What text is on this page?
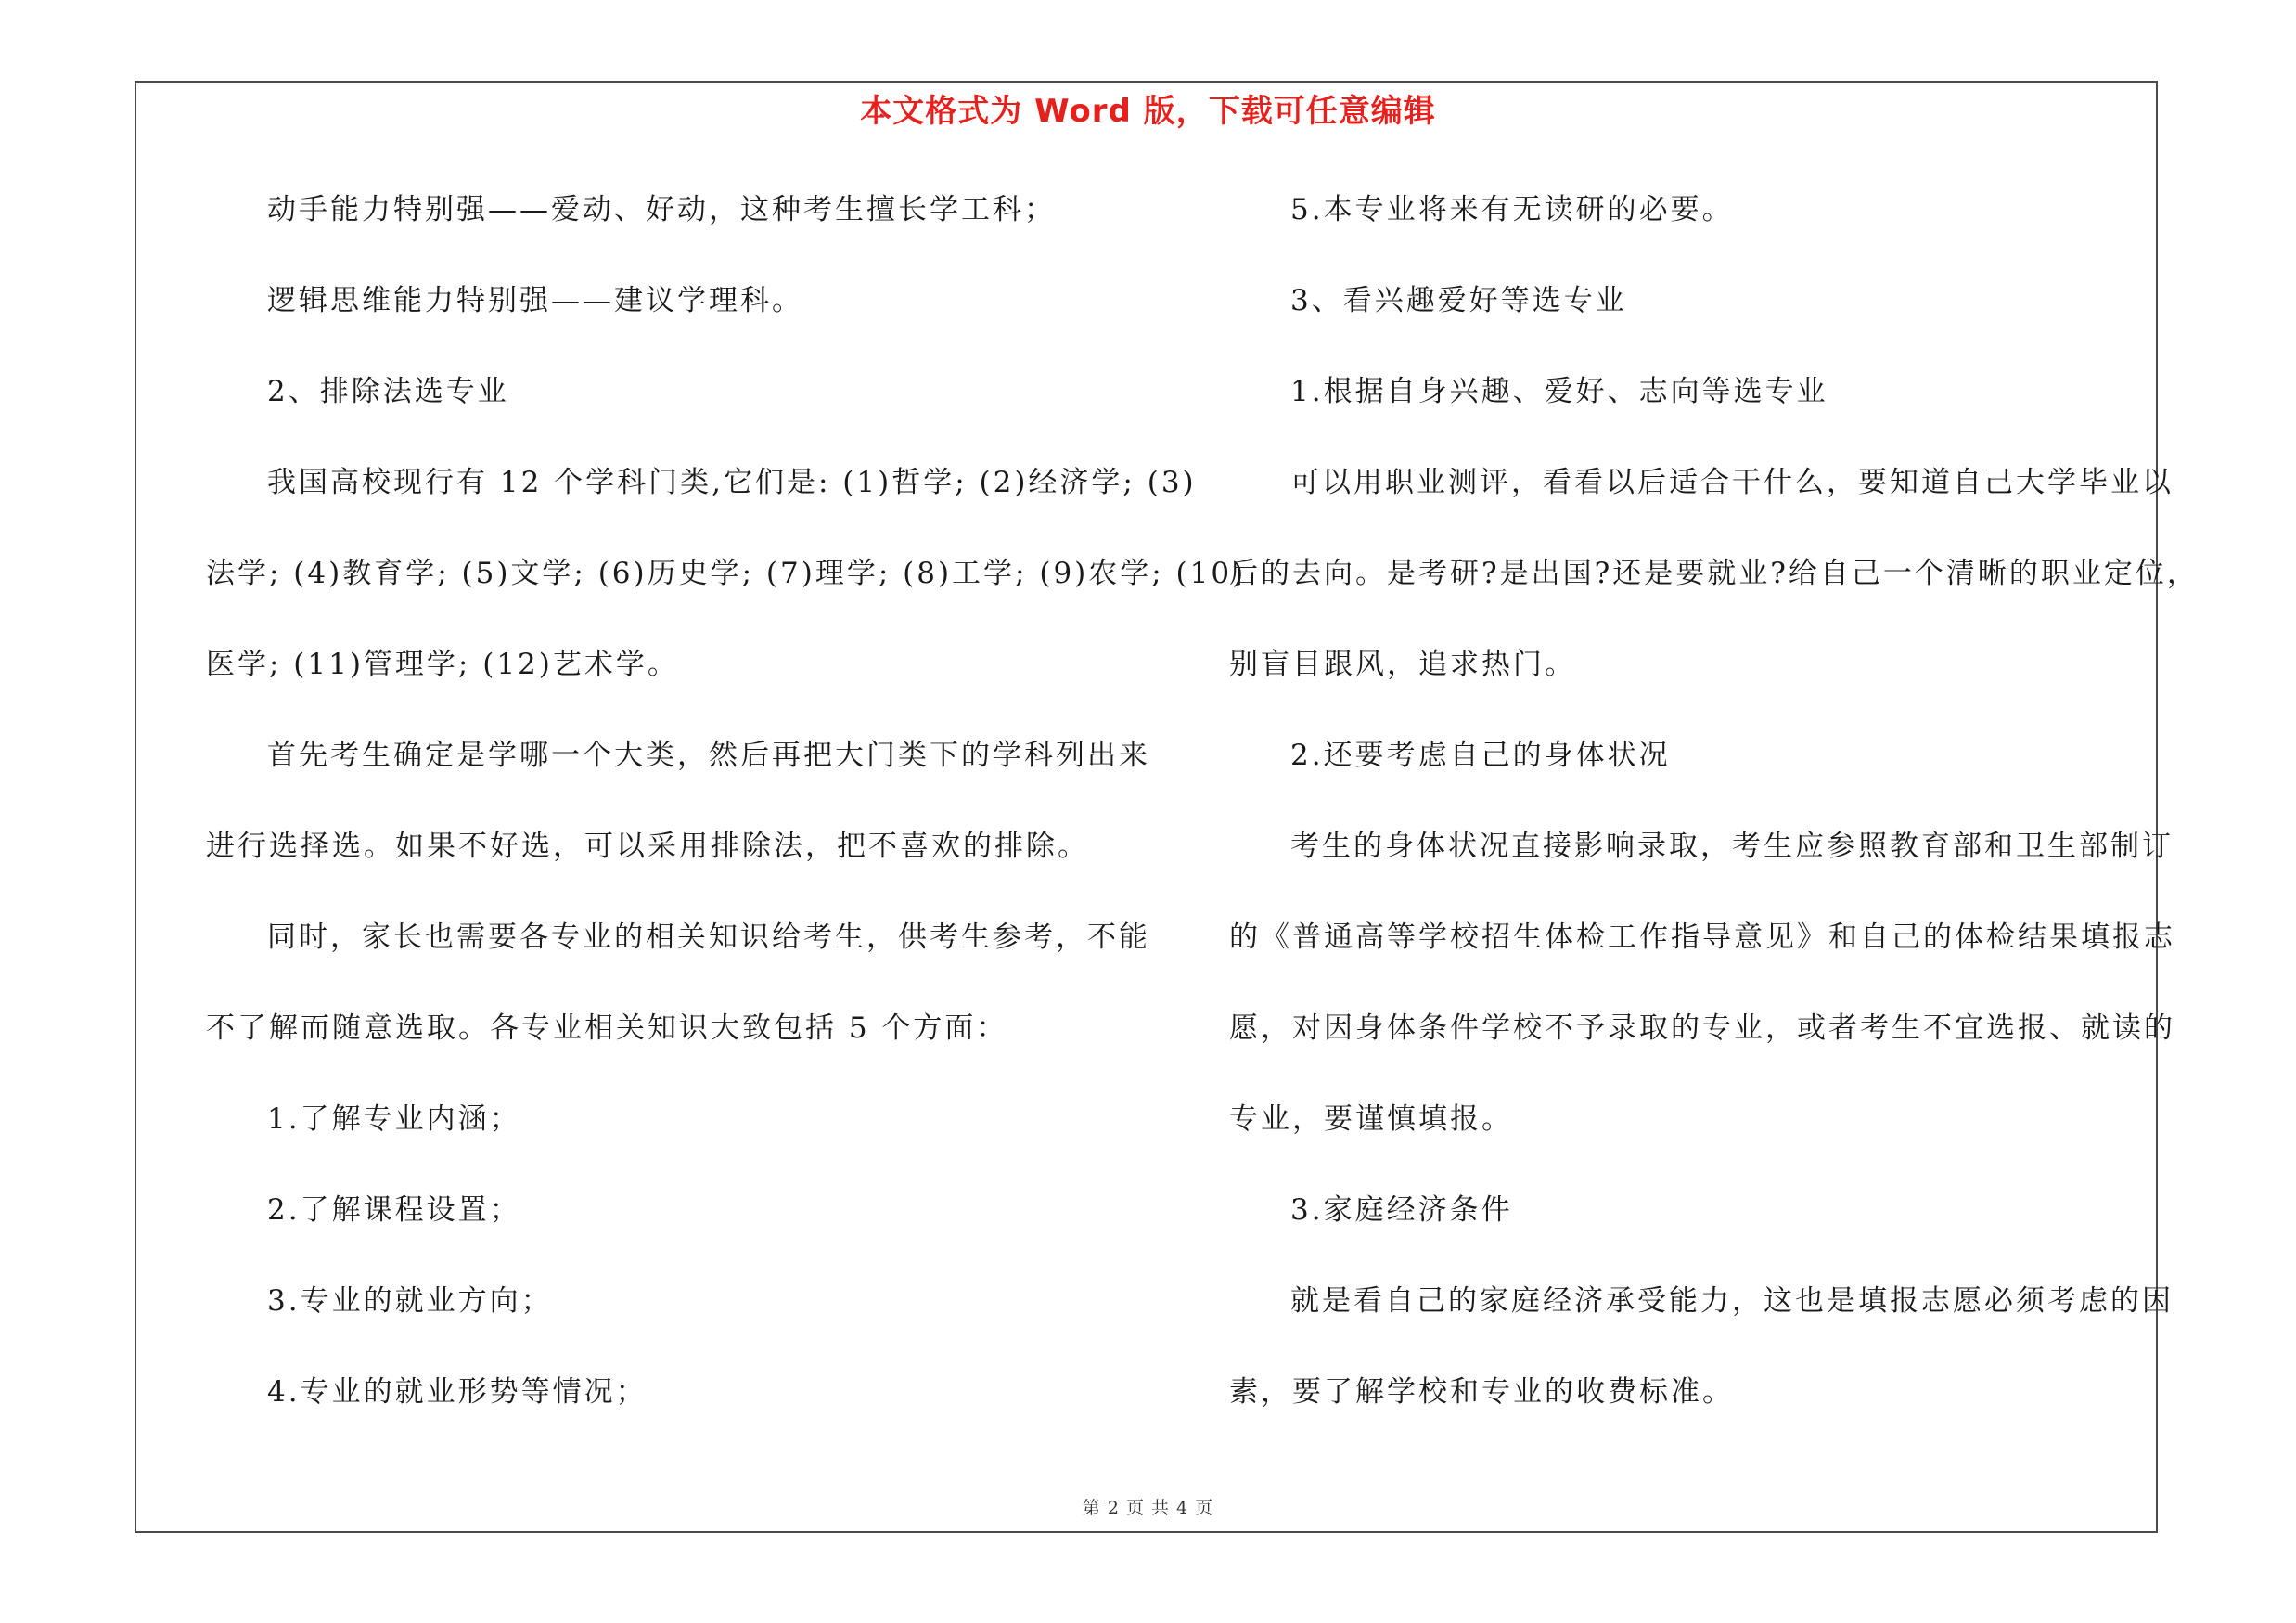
本文格式为 Word 版，下载可任意编辑
动手能力特别强——爱动、好动，这种考生擅长学工科；
逻辑思维能力特别强——建议学理科。
2、排除法选专业
我国高校现行有 12 个学科门类,它们是: (1)哲学; (2)经济学; (3)
法学; (4)教育学; (5)文学; (6)历史学; (7)理学; (8)工学; (9)农学; (10)
医学; (11)管理学; (12)艺术学。
首先考生确定是学哪一个大类，然后再把大门类下的学科列出来
进行选择选。如果不好选，可以采用排除法，把不喜欢的排除。
同时，家长也需要各专业的相关知识给考生，供考生参考，不能
不了解而随意选取。各专业相关知识大致包括 5 个方面：
1.了解专业内涵；
2.了解课程设置；
3.专业的就业方向；
4.专业的就业形势等情况；
5.本专业将来有无读研的必要。
3、看兴趣爱好等选专业
1.根据自身兴趣、爱好、志向等选专业
可以用职业测评，看看以后适合干什么，要知道自己大学毕业以
后的去向。是考研?是出国?还是要就业?给自己一个清晰的职业定位，
别盲目跟风，追求热门。
2.还要考虑自己的身体状况
考生的身体状况直接影响录取，考生应参照教育部和卫生部制订
的《普通高等学校招生体检工作指导意见》和自己的体检结果填报志
愿，对因身体条件学校不予录取的专业，或者考生不宜选报、就读的
专业，要谨慎填报。
3.家庭经济条件
就是看自己的家庭经济承受能力，这也是填报志愿必须考虑的因
素，要了解学校和专业的收费标准。
第 2 页 共 4 页
